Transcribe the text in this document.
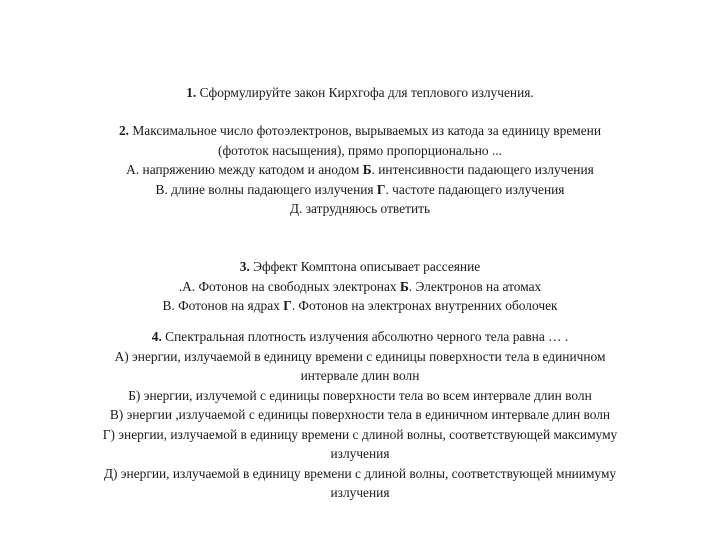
1. Сформулируйте закон Кирхгофа для теплового излучения.
2. Максимальное число фотоэлектронов, вырываемых из катода за единицу времени
(фототок насыщения), прямо пропорционально ...
А. напряжению между катодом и анодом Б. интенсивности падающего излучения
В. длине волны падающего излучения Г. частоте падающего излучения
Д. затрудняюсь ответить
3. Эффект Комптона описывает рассеяние
.А. Фотонов на свободных электронах Б. Электронов на атомах
В. Фотонов на ядрах Г. Фотонов на электронах внутренних оболочек
4. Спектральная плотность излучения абсолютно черного тела равна … .
А) энергии, излучаемой в единицу времени с единицы поверхности тела в единичном
интервале длин волн
Б) энергии, излучемой с единицы поверхности тела во всем интервале длин волн
В) энергии ,излучаемой с единицы поверхности тела в единичном интервале длин волн
Г) энергии, излучаемой в единицу времени с длиной волны, соответствующей максимуму
излучения
Д) энергии, излучаемой в единицу времени с длиной волны, соответствующей мниимуму
излучения
